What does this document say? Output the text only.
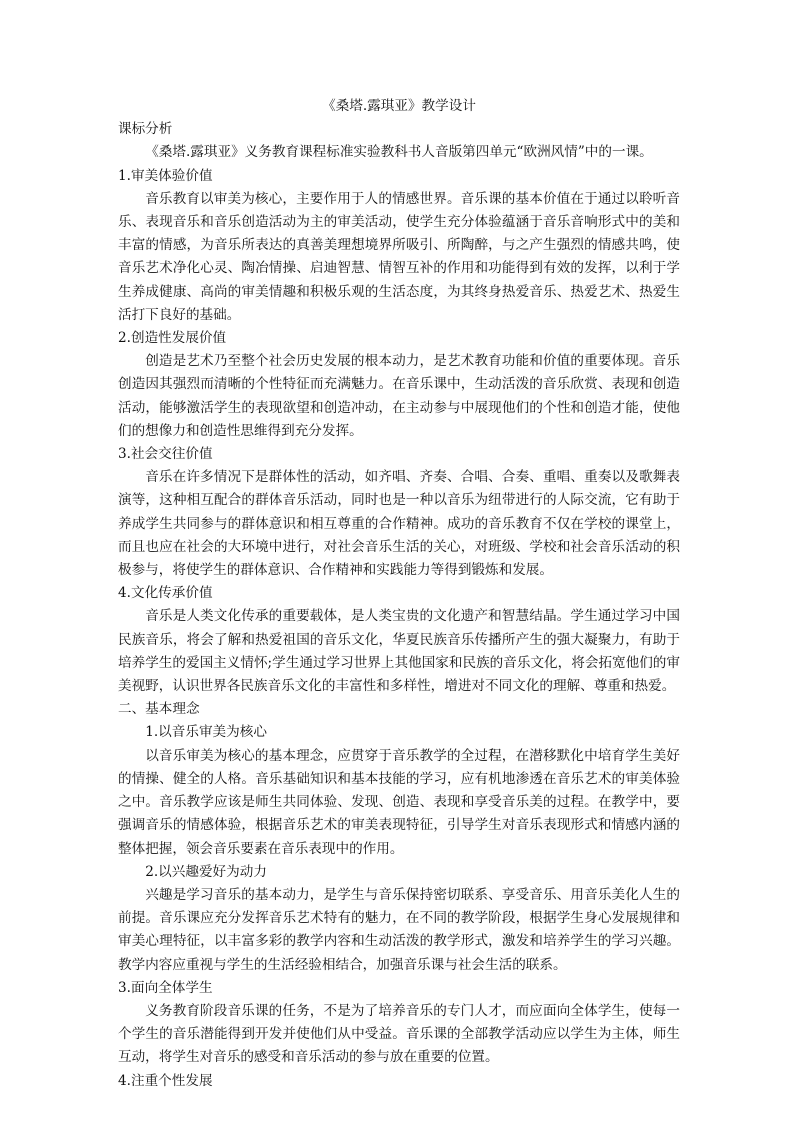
《桑塔.露琪亚》教学设计

课标分析

《桑塔.露琪亚》义务教育课程标准实验教科书人音版第四单元“欧洲风情”中的一课。

1.审美体验价值

音乐教育以审美为核心，主要作用于人的情感世界。音乐课的基本价值在于通过以聆听音乐、表现音乐和音乐创造活动为主的审美活动，使学生充分体验蕴涵于音乐音响形式中的美和丰富的情感，为音乐所表达的真善美理想境界所吸引、所陶醉，与之产生强烈的情感共鸣，使音乐艺术净化心灵、陶冶情操、启迪智慧、情智互补的作用和功能得到有效的发挥，以利于学生养成健康、高尚的审美情趣和积极乐观的生活态度，为其终身热爱音乐、热爱艺术、热爱生活打下良好的基础。

2.创造性发展价值

创造是艺术乃至整个社会历史发展的根本动力，是艺术教育功能和价值的重要体现。音乐创造因其强烈而清晰的个性特征而充满魅力。在音乐课中，生动活泼的音乐欣赏、表现和创造活动，能够激活学生的表现欲望和创造冲动，在主动参与中展现他们的个性和创造才能，使他们的想像力和创造性思维得到充分发挥。

3.社会交往价值

音乐在许多情况下是群体性的活动，如齐唱、齐奏、合唱、合奏、重唱、重奏以及歌舞表演等，这种相互配合的群体音乐活动，同时也是一种以音乐为纽带进行的人际交流，它有助于养成学生共同参与的群体意识和相互尊重的合作精神。成功的音乐教育不仅在学校的课堂上，而且也应在社会的大环境中进行，对社会音乐生活的关心，对班级、学校和社会音乐活动的积极参与，将使学生的群体意识、合作精神和实践能力等得到锻炼和发展。

4.文化传承价值

音乐是人类文化传承的重要载体，是人类宝贵的文化遗产和智慧结晶。学生通过学习中国民族音乐，将会了解和热爱祖国的音乐文化，华夏民族音乐传播所产生的强大凝聚力，有助于培养学生的爱国主义情怀;学生通过学习世界上其他国家和民族的音乐文化，将会拓宽他们的审美视野，认识世界各民族音乐文化的丰富性和多样性，增进对不同文化的理解、尊重和热爱。

二、基本理念

1.以音乐审美为核心

以音乐审美为核心的基本理念，应贯穿于音乐教学的全过程，在潜移默化中培育学生美好的情操、健全的人格。音乐基础知识和基本技能的学习，应有机地渗透在音乐艺术的审美体验之中。音乐教学应该是师生共同体验、发现、创造、表现和享受音乐美的过程。在教学中，要强调音乐的情感体验，根据音乐艺术的审美表现特征，引导学生对音乐表现形式和情感内涵的整体把握，领会音乐要素在音乐表现中的作用。

2.以兴趣爱好为动力

兴趣是学习音乐的基本动力，是学生与音乐保持密切联系、享受音乐、用音乐美化人生的前提。音乐课应充分发挥音乐艺术特有的魅力，在不同的教学阶段，根据学生身心发展规律和审美心理特征，以丰富多彩的教学内容和生动活泼的教学形式，激发和培养学生的学习兴趣。教学内容应重视与学生的生活经验相结合，加强音乐课与社会生活的联系。

3.面向全体学生

义务教育阶段音乐课的任务，不是为了培养音乐的专门人才，而应面向全体学生，使每一个学生的音乐潜能得到开发并使他们从中受益。音乐课的全部教学活动应以学生为主体，师生互动，将学生对音乐的感受和音乐活动的参与放在重要的位置。

4.注重个性发展
